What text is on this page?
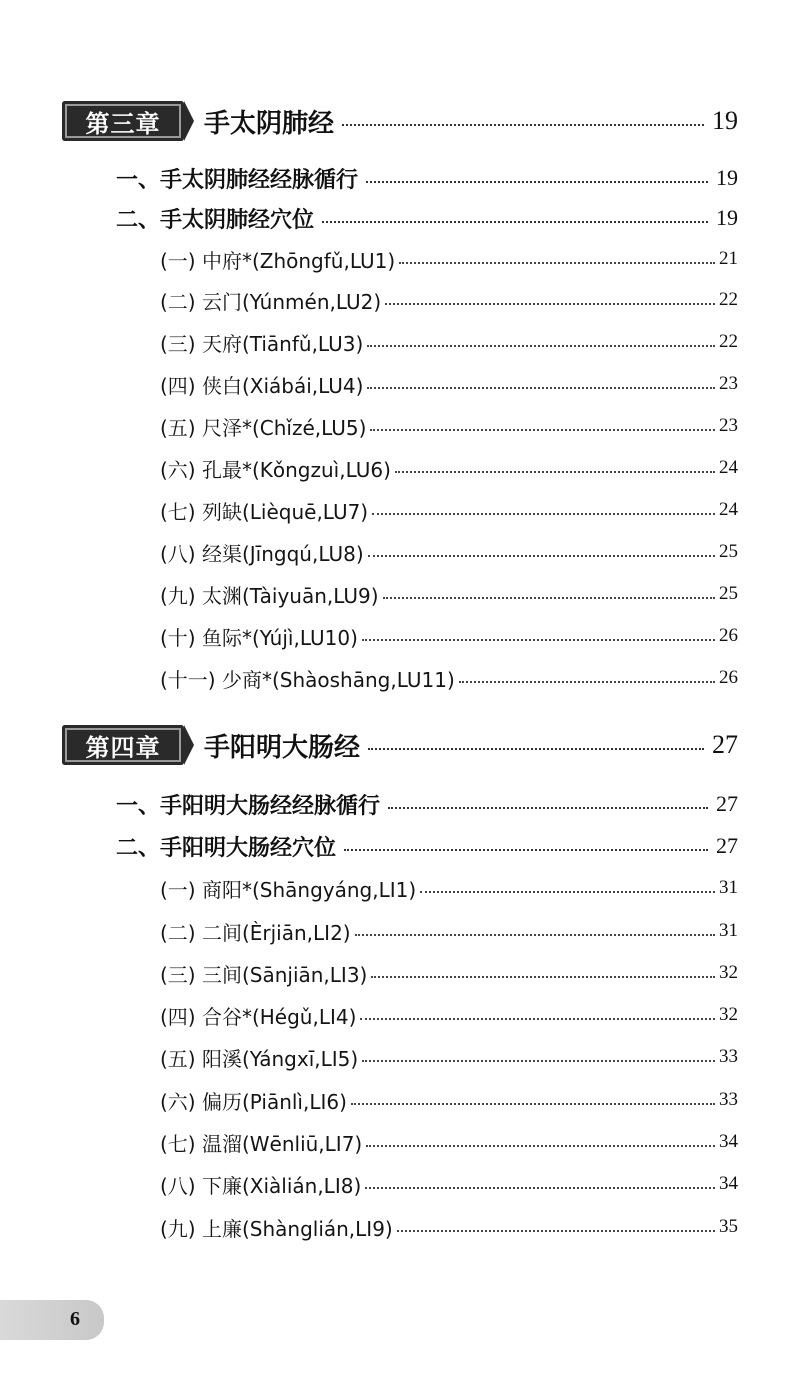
第三章 手太阴肺经	19
一、手太阴肺经经脉循行	19
二、手太阴肺经穴位	19
(一) 中府*(Zhōngfǔ,LU1)	21
(二) 云门(Yúnmén,LU2)	22
(三) 天府(Tiānfǔ,LU3)	22
(四) 侠白(Xiábái,LU4)	23
(五) 尺泽*(Chǐzé,LU5)	23
(六) 孔最*(Kǒngzuì,LU6)	24
(七) 列缺(Lièquē,LU7)	24
(八) 经渠(Jīngqú,LU8)	25
(九) 太渊(Tàiyuān,LU9)	25
(十) 鱼际*(Yújì,LU10)	26
(十一) 少商*(Shàoshāng,LU11)	26
第四章 手阳明大肠经	27
一、手阳明大肠经经脉循行	27
二、手阳明大肠经穴位	27
(一) 商阳*(Shāngyáng,LI1)	31
(二) 二间(Èrjiān,LI2)	31
(三) 三间(Sānjiān,LI3)	32
(四) 合谷*(Hégǔ,LI4)	32
(五) 阳溪(Yángxī,LI5)	33
(六) 偏历(Piānlì,LI6)	33
(七) 温溜(Wēnliū,LI7)	34
(八) 下廉(Xiàlián,LI8)	34
(九) 上廉(Shànglián,LI9)	35
6
